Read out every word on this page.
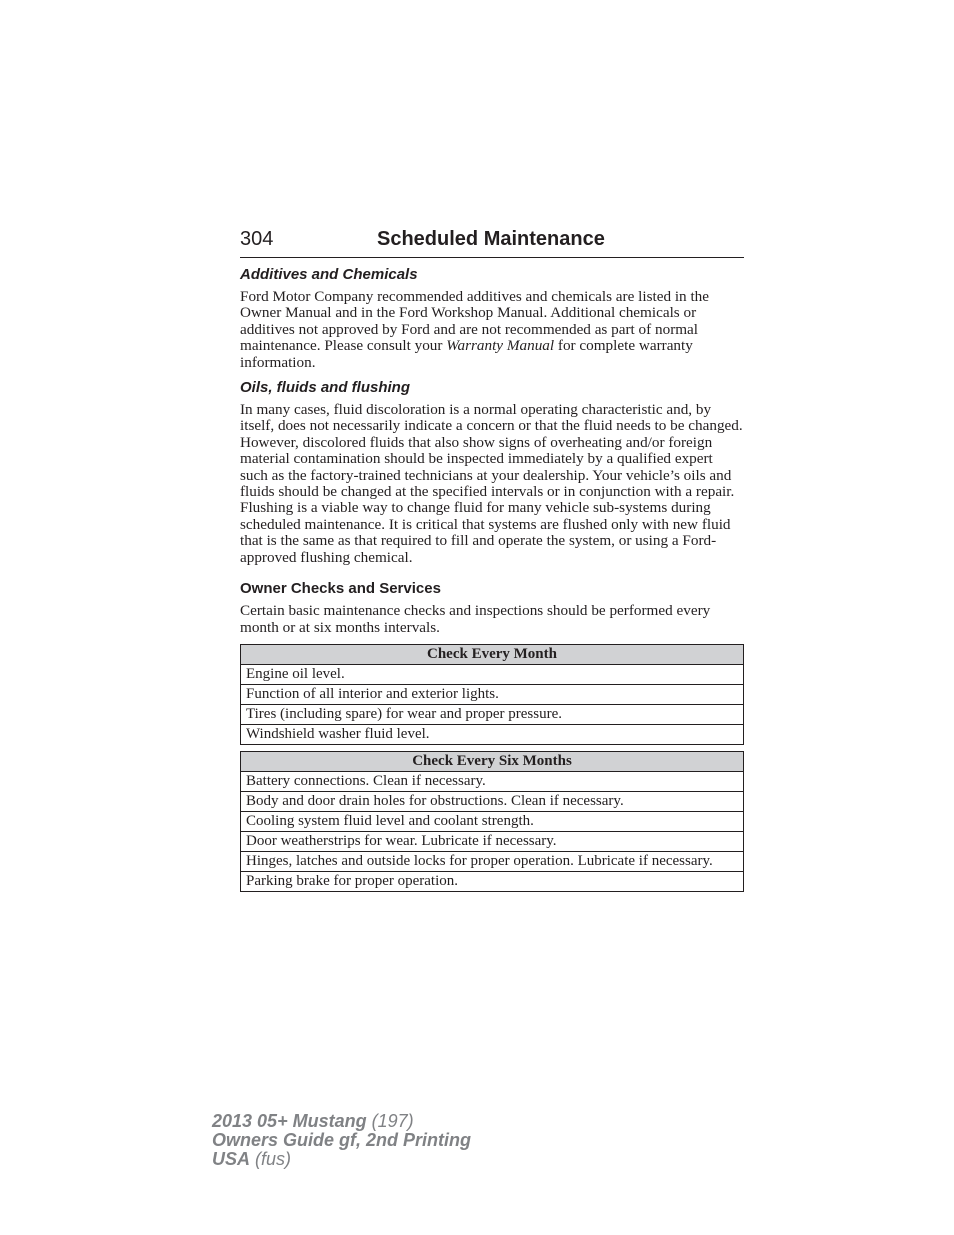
304	Scheduled Maintenance
Additives and Chemicals

Ford Motor Company recommended additives and chemicals are listed in the Owner Manual and in the Ford Workshop Manual. Additional chemicals or additives not approved by Ford and are not recommended as part of normal maintenance. Please consult your Warranty Manual for complete warranty information.

Oils, fluids and flushing

In many cases, fluid discoloration is a normal operating characteristic and, by itself, does not necessarily indicate a concern or that the fluid needs to be changed. However, discolored fluids that also show signs of overheating and/or foreign material contamination should be inspected immediately by a qualified expert such as the factory-trained technicians at your dealership. Your vehicle’s oils and fluids should be changed at the specified intervals or in conjunction with a repair. Flushing is a viable way to change fluid for many vehicle sub-systems during scheduled maintenance. It is critical that systems are flushed only with new fluid that is the same as that required to fill and operate the system, or using a Ford-approved flushing chemical.

Owner Checks and Services

Certain basic maintenance checks and inspections should be performed every month or at six months intervals.

Check Every Month
Engine oil level.
Function of all interior and exterior lights.
Tires (including spare) for wear and proper pressure.
Windshield washer fluid level.
Check Every Six Months
Battery connections. Clean if necessary.
Body and door drain holes for obstructions. Clean if necessary.
Cooling system fluid level and coolant strength.
Door weatherstrips for wear. Lubricate if necessary.
Hinges, latches and outside locks for proper operation. Lubricate if necessary.
Parking brake for proper operation.
2013 05+ Mustang (197)
Owners Guide gf, 2nd Printing
USA (fus)
